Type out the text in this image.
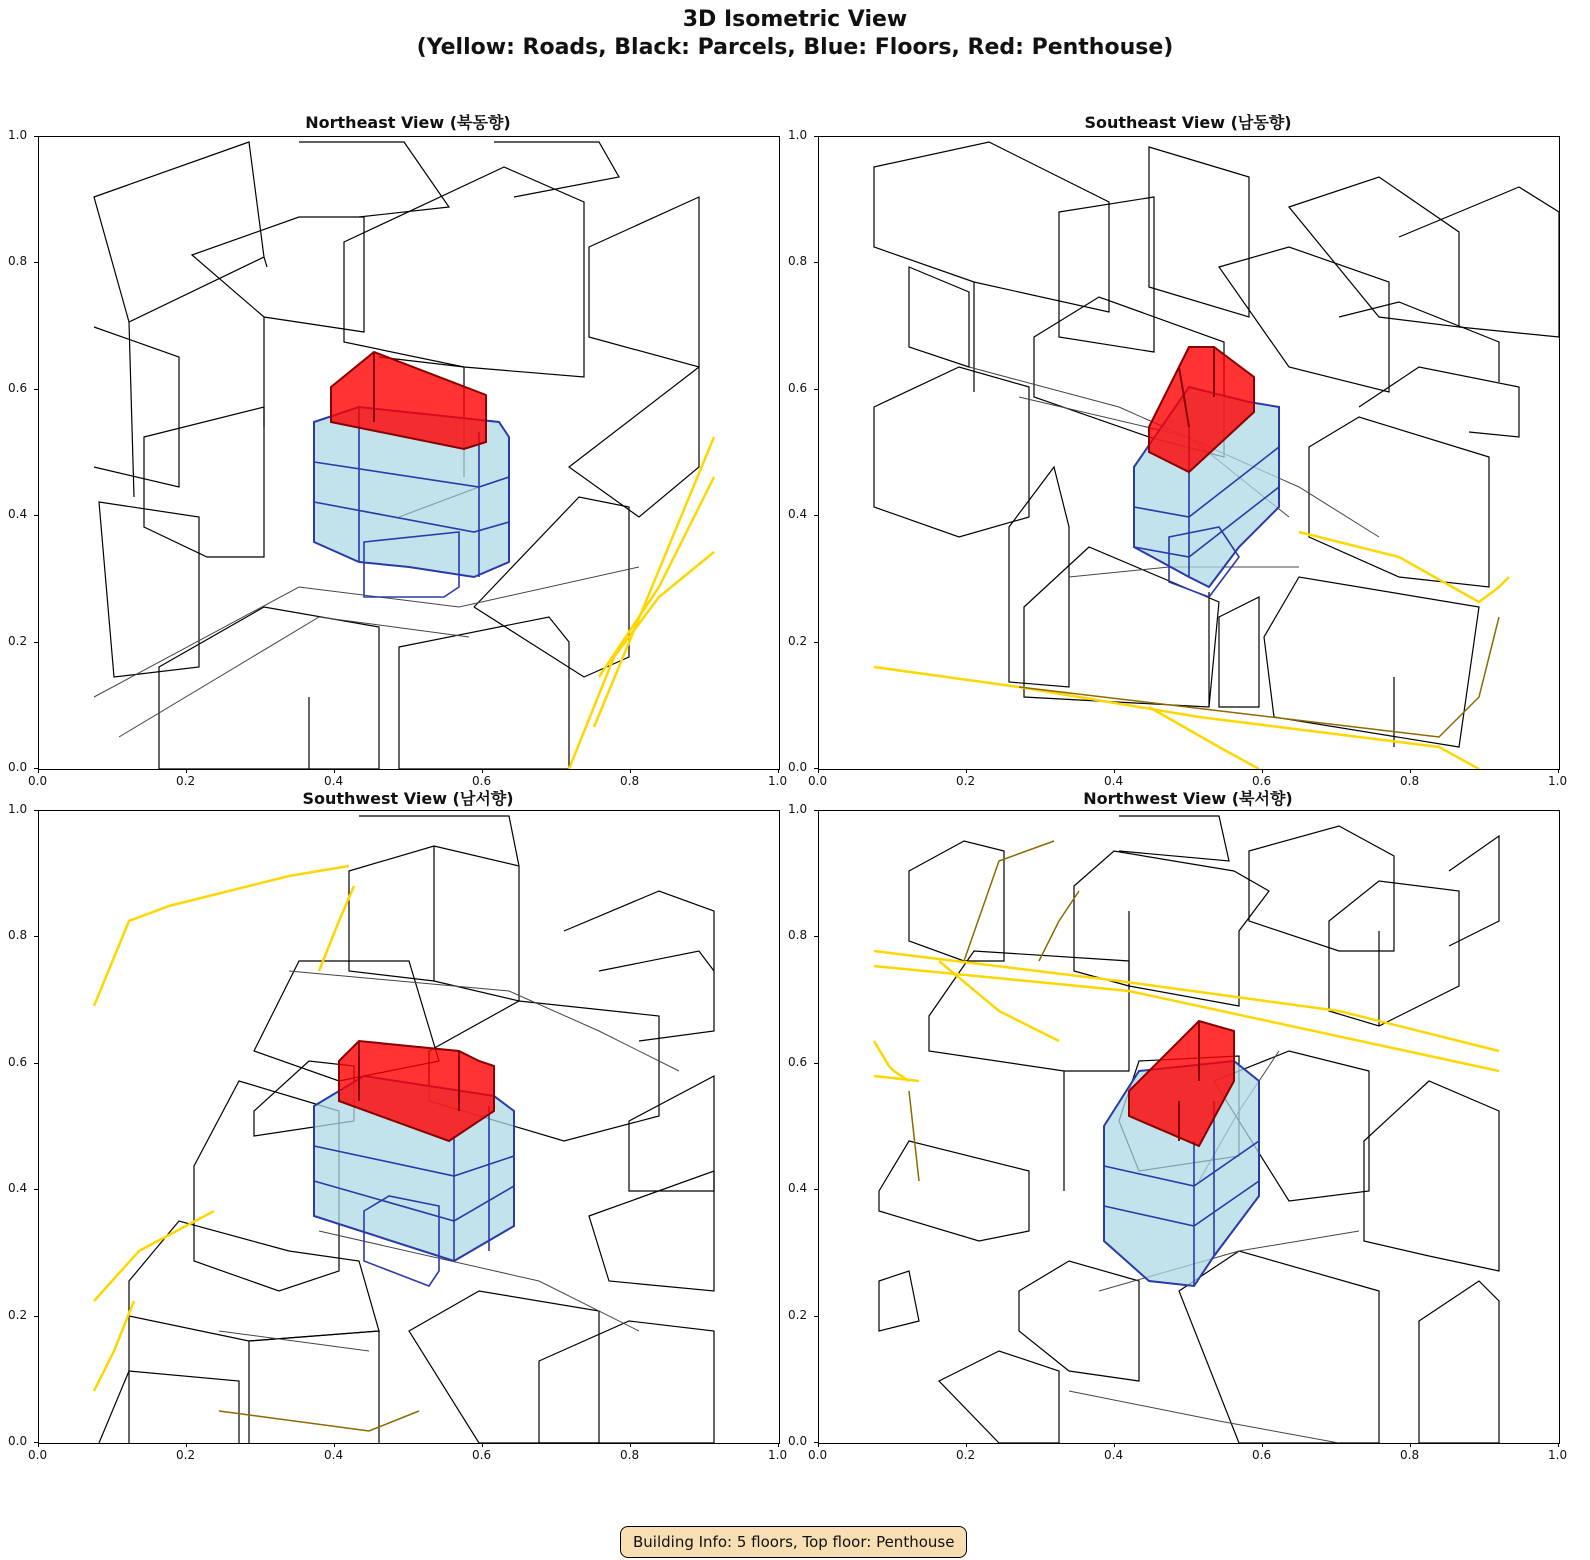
3D Isometric View
(Yellow: Roads, Black: Parcels, Blue: Floors, Red: Penthouse)
Northeast View (북동향)	Southeast View (남동향)
Southwest View (남서향)	Northwest View (북서향)
0.0
0.0
0.2
0.2
0.4
0.4
0.6
0.6
0.8
0.8
1.0
1.0
0.0
0.0
0.2
0.2
0.4
0.4
0.6
0.6
0.8
0.8
1.0
1.0
0.0
0.0
0.2
0.2
0.4
0.4
0.6
0.6
0.8
0.8
1.0
1.0
0.0
0.0
0.2
0.2
0.4
0.4
0.6
0.6
0.8
0.8
1.0
1.0
Building Info: 5 floors, Top floor: Penthouse
